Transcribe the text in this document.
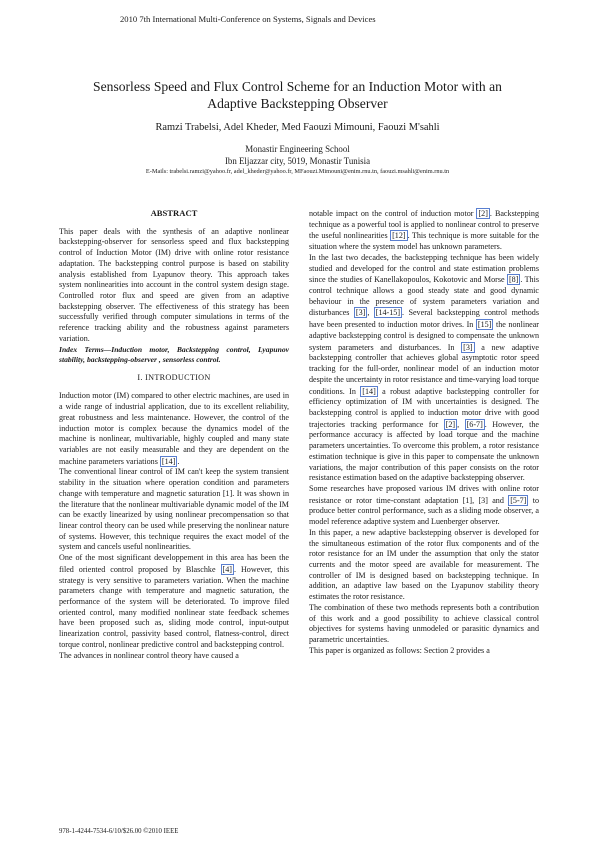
2010 7th International Multi-Conference on Systems, Signals and Devices
Sensorless Speed and Flux Control Scheme for an Induction Motor with an
Adaptive Backstepping Observer
Ramzi Trabelsi, Adel Kheder, Med Faouzi Mimouni, Faouzi M'sahli
Monastir Engineering School
Ibn Eljazzar city, 5019, Monastir Tunisia
E-Mails: trabelsi.ramzi@yahoo.fr, adel_kheder@yahoo.fr, MFaouzi.Mimouni@enim.rnu.tn, faouzi.msahli@enim.rnu.tn
ABSTRACT

This paper deals with the synthesis of an adaptive nonlinear backstepping-observer for sensorless speed and flux backstepping control of Induction Motor (IM) drive with online rotor resistance adaptation. The backstepping control purpose is based on stability analysis established from Lyapunov theory. This approach takes system nonlinearities into account in the control system design stage. Controlled rotor flux and speed are given from an adaptive backstepping observer. The effectiveness of this strategy has been successfully verified through computer simulations in terms of the reference tracking ability and the robustness against parameters variation.

Index Terms—Induction motor, Backstepping control, Lyapunov stability, backstepping-observer , sensorless control.

I. INTRODUCTION

Induction motor (IM) compared to other electric machines, are used in a wide range of industrial application, due to its excellent reliability, great robustness and less maintenance. However, the control of the induction motor is complex because the dynamics model of the machine is nonlinear, multivariable, highly coupled and many state variables are not easily measurable and they are dependent on the machine parameters variations [14] .

The conventional linear control of IM can't keep the system transient stability in the situation where operation condition and parameters change with temperature and magnetic saturation [1]. It was shown in the literature that the nonlinear multivariable dynamic model of the IM can be exactly linearized by using nonlinear precompensation so that linear control theory can be used while preserving the nonlinear nature of systems. However, this technique requires the exact model of the system and cancels useful nonlinearities.

One of the most significant developpement in this area has been the filed oriented control proposed by Blaschke [4] . However, this strategy is very sensitive to parameters variation. When the machine parameters change with temperature and magnetic saturation, the performance of the system will be deteriorated. To improve filed oriented control, many modified nonlinear state feedback schemes have been proposed such as, sliding mode control, input-output linearization control, passivity based control, flatness-control, direct torque control, nonlinear predictive control and backstepping control.

The advances in nonlinear control theory have caused a

notable impact on the control of induction motor [2] . Backstepping technique as a powerful tool is applied to nonlinear control to preserve the useful nonlinearities [12] . This technique is more suitable for the situation where the system model has unknown parameters.

In the last two decades, the backstepping technique has been widely studied and developed for the control and state estimation problems since the studies of Kanellakopoulos, Kokotovic and Morse [8] . This control technique allows a good steady state and good dynamic behaviour in the presence of system parameters variation and disturbances [3] , [14-15] . Several backstepping control methods have been presented to induction motor drives. In [15] the nonlinear adaptive backstepping control is designed to compensate the unknown system parameters and disturbances. In [3] a new adaptive backstepping controller that achieves global asymptotic rotor speed tracking for the full-order, nonlinear model of an induction motor despite the uncertainty in rotor resistance and time-varying load torque conditions. In [14] a robust adaptive backstepping controller for efficiency optimization of IM with uncertainties is designed. The backstepping control is applied to induction motor drive with good trajectories tracking performance for [2] , [6-7] . However, the performance accuracy is affected by load torque and the machine parameters uncertainties. To overcome this problem, a rotor resistance estimation technique is give in this paper to compensate the unknown variations, the major contribution of this paper consists on the rotor resistance estimation based on the adaptive backstepping observer.

Some researches have proposed various IM drives with online rotor resistance or rotor time-constant adaptation [1], [3] and [5-7] to produce better control performance, such as a sliding mode observer, a model reference adaptive system and Luenberger observer.

In this paper, a new adaptive backstepping observer is developed for the simultaneous estimation of the rotor flux components and of the rotor resistance for an IM under the assumption that only the stator currents and the motor speed are available for measurement. The controller of IM is designed based on backstepping technique. In addition, an adaptive law based on the Lyapunov stability theory estimates the rotor resistance.

The combination of these two methods represents both a contribution of this work and a good possibility to achieve classical control objectives for systems having unmodeled or parasitic dynamics and parametric uncertainties.

This paper is organized as follows: Section 2 provides a

978-1-4244-7534-6/10/$26.00 ©2010 IEEE
